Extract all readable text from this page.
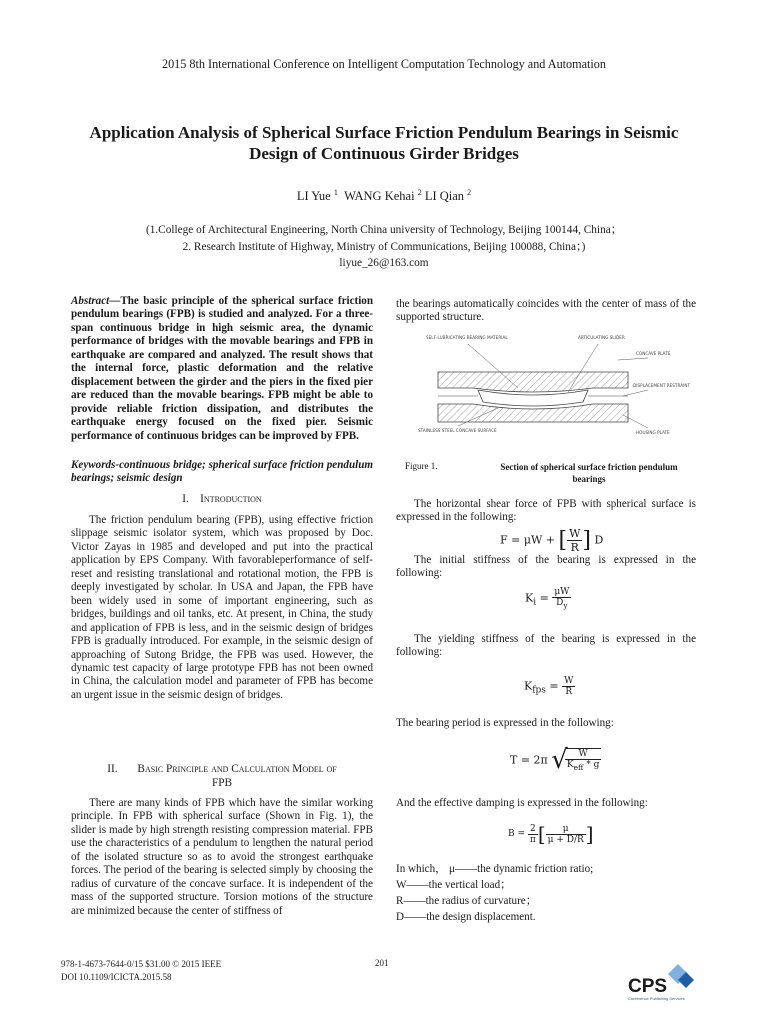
2015 8th International Conference on Intelligent Computation Technology and Automation
Application Analysis of Spherical Surface Friction Pendulum Bearings in Seismic
Design of Continuous Girder Bridges
LI Yue $^1$ WANG Kehai $^2$ LI Qian $^2$
(1.College of Architectural Engineering, North China university of Technology, Beijing 100144, China；
2. Research Institute of Highway, Ministry of Communications, Beijing 100088, China；)
liyue_26@163.com
Abstract—The basic principle of the spherical surface friction pendulum bearings (FPB) is studied and analyzed. For a three-span continuous bridge in high seismic area, the dynamic performance of bridges with the movable bearings and FPB in earthquake are compared and analyzed. The result shows that the internal force, plastic deformation and the relative displacement between the girder and the piers in the fixed pier are reduced than the movable bearings. FPB might be able to provide reliable friction dissipation, and distributes the earthquake energy focused on the fixed pier. Seismic performance of continuous bridges can be improved by FPB.
Keywords-continuous bridge; spherical surface friction pendulum bearings; seismic design
I. Introduction

The friction pendulum bearing (FPB), using effective friction slippage seismic isolator system, which was proposed by Doc. Victor Zayas in 1985 and developed and put into the practical application by EPS Company. With favorableperformance of self-reset and resisting translational and rotational motion, the FPB is deeply investigated by scholar. In USA and Japan, the FPB have been widely used in some of important engineering, such as bridges, buildings and oil tanks, etc. At present, in China, the study and application of FPB is less, and in the seismic design of bridges FPB is gradually introduced. For example, in the seismic design of approaching of Sutong Bridge, the FPB was used. However, the dynamic test capacity of large prototype FPB has not been owned in China, the calculation model and parameter of FPB has become an urgent issue in the seismic design of bridges.

II. Basic Principle and Calculation Model of
FPB

There are many kinds of FPB which have the similar working principle. In FPB with spherical surface (Shown in Fig. 1), the slider is made by high strength resisting compression material. FPB use the characteristics of a pendulum to lengthen the natural period of the isolated structure so as to avoid the strongest earthquake forces. The period of the bearing is selected simply by choosing the radius of curvature of the concave surface. It is independent of the mass of the supported structure. Torsion motions of the structure are minimized because the center of stiffness of

the bearings automatically coincides with the center of mass of the supported structure.
SELF-LUBRICATING BEARING MATERIAL	ARTICULATING SLIDER
CONCAVE PLATE
DISPLACEMENT RESTRAINT
STAINLESS STEEL CONCAVE SURFACE	HOUSING PLATE
Figure 1.	Section of spherical surface friction pendulum bearings

The horizontal shear force of FPB with spherical surface is expressed in the following:

F = μW + [ $\frac{W}{R}$ ] D

The initial stiffness of the bearing is expressed in the following:

$K_i = \frac{\mu W}{D_y}$

The yielding stiffness of the bearing is expressed in the following:

$K_{fps} = \frac{W}{R}$

The bearing period is expressed in the following:

T = 2π √
$\frac{W}{K_{eff} * g}$

And the effective damping is expressed in the following:

$B = \frac{2}{\pi}$ [ $\frac{\mu}{\mu + D/R}$ ]
In which， μ——the dynamic friction ratio;
W——the vertical load；
R——the radius of curvature；
D——the design displacement.
978-1-4673-7644-0/15 $31.00 © 2015 IEEE
DOI 10.1109/ICICTA.2015.58
201
CPS
Conference Publishing Services
